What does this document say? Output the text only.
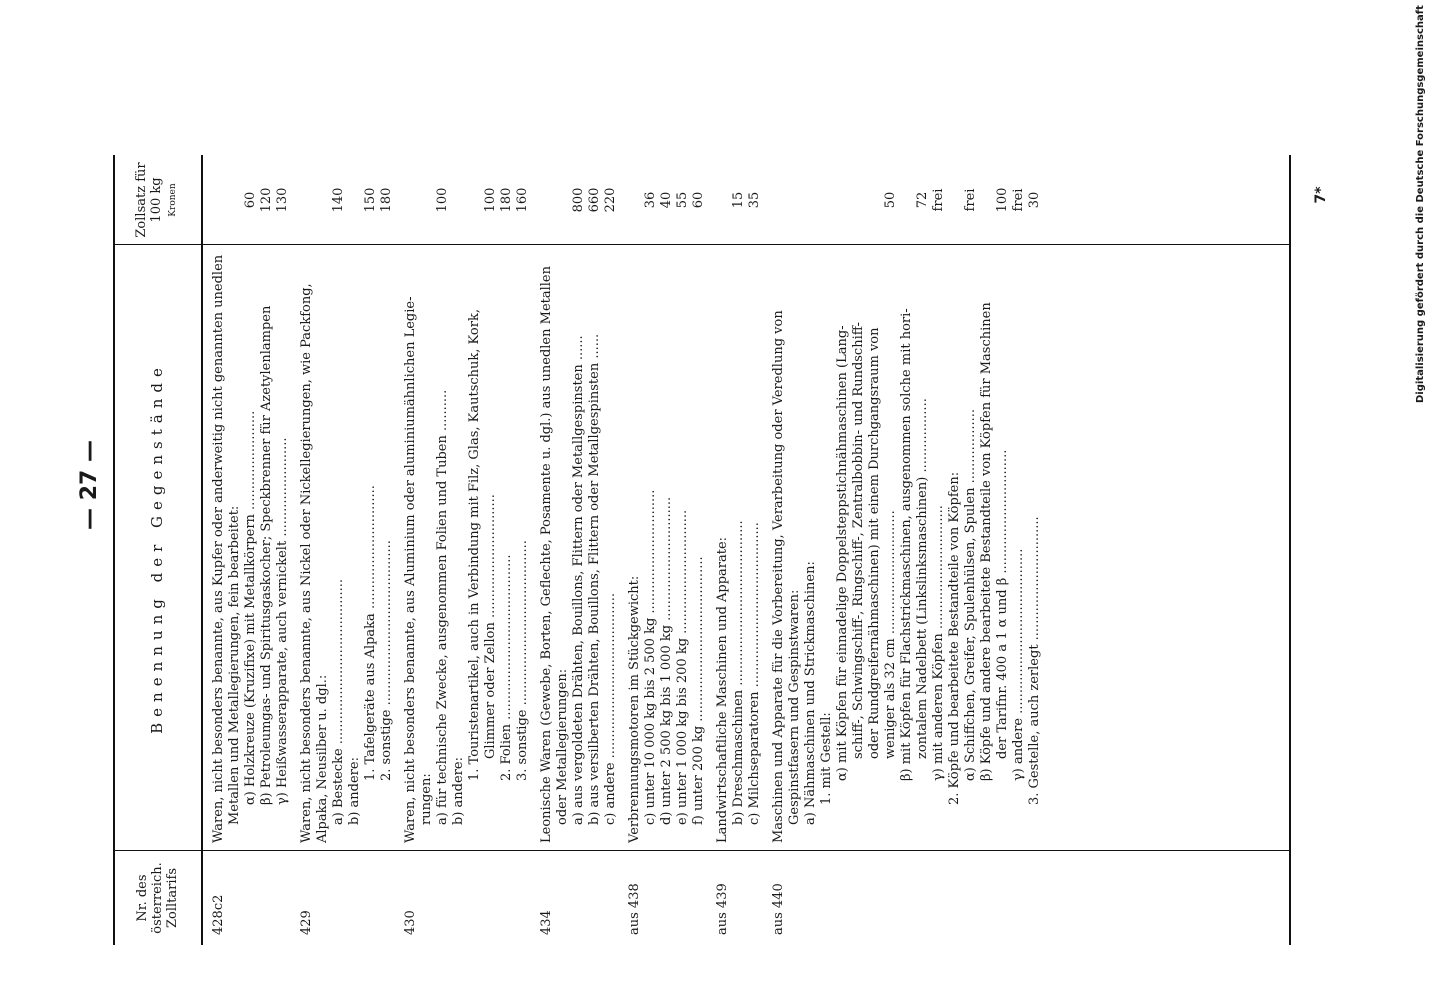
— 27 —
Nr. des österreich. Zolltarifs
Benennung der Gegenstände
Zollsatz für 100 kg Kronen
428c2
Waren, nicht besonders benannte, aus Kupfer oder anderweitig nicht genannten unedlen Metallen und Metallegierungen, fein bearbeitet: α) Holzkreuze (Kruzifixe) mit Metallkörpern ........................
60
β) Petroleumgas- und Spiritusgaskocher; Speckbrenner für Azetylenlampen
120
γ) Heißwasserapparate, auch vernickelt ........................
130
429
Waren, nicht besonders benannte, aus Nickel oder Nickellegierungen, wie Packfong, Alpaka, Neusilber u. dgl.: a) Bestecke ........................................
140
b) andere:
1. Tafelgeräte aus Alpaka ..............................
150
2. sonstige ........................................
180
430
Waren, nicht besonders benannte, aus Aluminium oder aluminiumähnlichen Legie- rungen: a) für technische Zwecke, ausgenommen Folien und Tuben ..........
100
b) andere:
1. Touristenartikel, auch in Verbindung mit Filz, Glas, Kautschuk, Kork, Glimmer oder Zellon ..............................
100
2. Folien ........................................
180
3. sonstige ........................................
160
434
Leonische Waren (Gewebe, Borten, Geflechte, Posamente u. dgl.) aus unedlen Metallen oder Metallegierungen: a) aus vergoldeten Drähten, Bouillons, Flittern oder Metallgespinsten ......
800
b) aus versilberten Drähten, Bouillons, Flittern oder Metallgespinsten ......
660
c) andere ........................................
220
aus 438
Verbrennungsmotoren im Stückgewicht: c) unter 10 000 kg bis 2 500 kg ..............................
36
d) unter 2 500 kg bis 1 000 kg ..............................
40
e) unter 1 000 kg bis 200 kg ..............................
55
f) unter 200 kg ........................................
60
aus 439
Landwirtschaftliche Maschinen und Apparate: b) Dreschmaschinen ........................................
15
c) Milchseparatoren ........................................
35
aus 440
Maschinen und Apparate für die Vorbereitung, Verarbeitung oder Veredlung von Gespinstfasern und Gespinstwaren: a) Nähmaschinen und Strickmaschinen: 1. mit Gestell: α) mit Köpfen für einnadelige Doppelsteppstichnähmaschinen (Lang- schiff-, Schwingschiff-, Ringschiff-, Zentralbobbin- und Rundschiff- oder Rundgreifernähmaschinen) mit einem Durchgangsraum von weniger als 32 cm ..............................
50
β) mit Köpfen für Flachstrickmaschinen, ausgenommen solche mit hori- zontalem Nadelbett (Linkslinksmaschinen) ..................
72
γ) mit anderen Köpfen ..............................
frei
2. Köpfe und bearbeitete Bestandteile von Köpfen: α) Schiffchen, Greifer, Spulenhülsen, Spulen ..................
frei
β) Köpfe und andere bearbeitete Bestandteile von Köpfen für Maschinen der Tarifnr. 400 a 1 α und β ..............................
100
γ) andere ........................................
frei
3. Gestelle, auch zerlegt ..............................
30	7*	Digitalisierung gefördert durch die Deutsche Forschungsgemeinschaft
